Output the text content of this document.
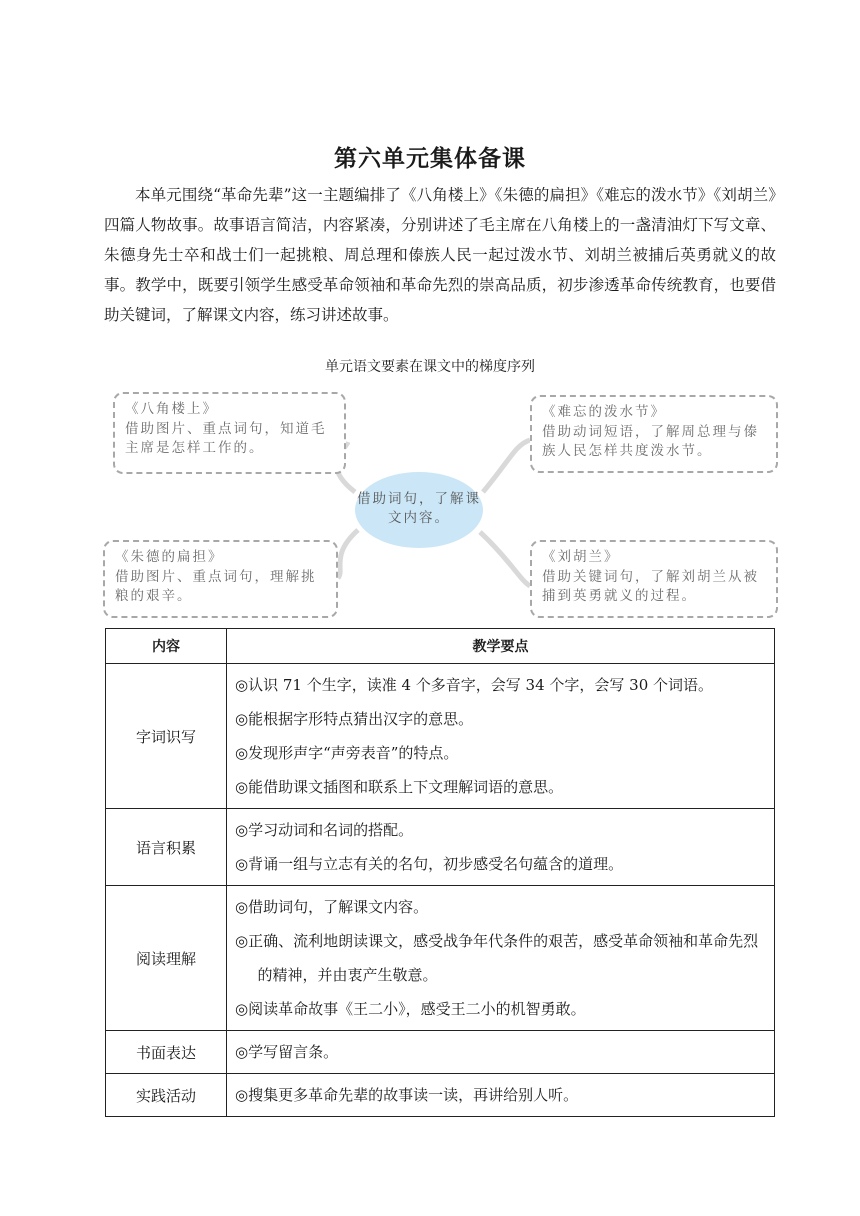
第六单元集体备课

本单元围绕“革命先辈”这一主题编排了《八角楼上》《朱德的扁担》《难忘的泼水节》《刘胡兰》四篇人物故事。故事语言简洁，内容紧凑，分别讲述了毛主席在八角楼上的一盏清油灯下写文章、朱德身先士卒和战士们一起挑粮、周总理和傣族人民一起过泼水节、刘胡兰被捕后英勇就义的故事。教学中，既要引领学生感受革命领袖和革命先烈的崇高品质，初步渗透革命传统教育，也要借助关键词，了解课文内容，练习讲述故事。

单元语文要素在课文中的梯度序列
《八角楼上》
借助图片、重点词句，知道毛主席是怎样工作的。
《难忘的泼水节》
借助动词短语，了解周总理与傣族人民怎样共度泼水节。
借助词句，了解课文内容。
《朱德的扁担》
借助图片、重点词句，理解挑粮的艰辛。
《刘胡兰》
借助关键词句，了解刘胡兰从被捕到英勇就义的过程。
内容	教学要点
字词识写	◎认识 71 个生字，读准 4 个多音字，会写 34 个字，会写 30 个词语。
◎能根据字形特点猜出汉字的意思。
◎发现形声字“声旁表音”的特点。
◎能借助课文插图和联系上下文理解词语的意思。

语言积累	◎学习动词和名词的搭配。
◎背诵一组与立志有关的名句，初步感受名句蕴含的道理。

阅读理解	◎借助词句，了解课文内容。
◎正确、流利地朗读课文，感受战争年代条件的艰苦，感受革命领袖和革命先烈的精神，并由衷产生敬意。
◎阅读革命故事《王二小》，感受王二小的机智勇敢。

书面表达	◎学写留言条。

实践活动	◎搜集更多革命先辈的故事读一读，再讲给别人听。
